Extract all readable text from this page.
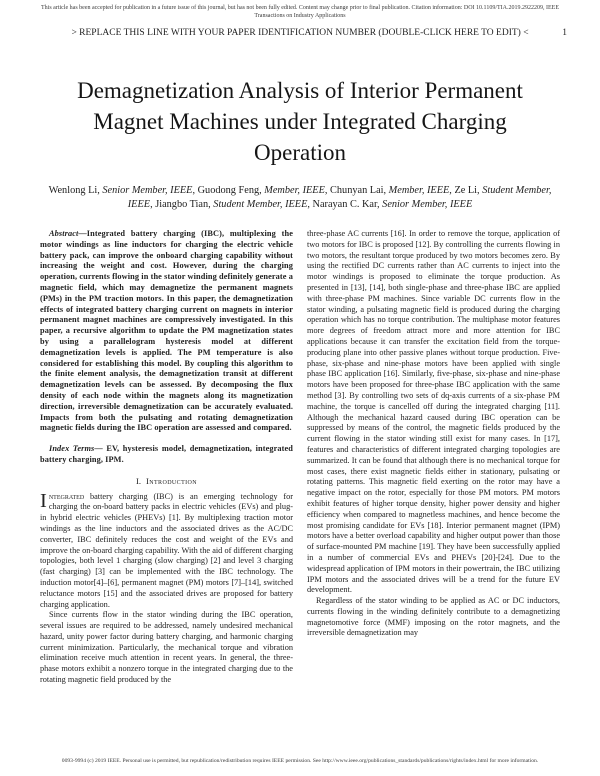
This article has been accepted for publication in a future issue of this journal, but has not been fully edited. Content may change prior to final publication. Citation information: DOI 10.1109/TIA.2019.2922209, IEEE
Transactions on Industry Applications
> REPLACE THIS LINE WITH YOUR PAPER IDENTIFICATION NUMBER (DOUBLE-CLICK HERE TO EDIT) <	1
Demagnetization Analysis of Interior Permanent Magnet Machines under Integrated Charging Operation
Wenlong Li, Senior Member, IEEE, Guodong Feng, Member, IEEE, Chunyan Lai, Member, IEEE, Ze Li, Student Member, IEEE, Jiangbo Tian, Student Member, IEEE, Narayan C. Kar, Senior Member, IEEE

Abstract—Integrated battery charging (IBC), multiplexing the motor windings as line inductors for charging the electric vehicle battery pack, can improve the onboard charging capability without increasing the weight and cost. However, during the charging operation, currents flowing in the stator winding definitely generate a magnetic field, which may demagnetize the permanent magnets (PMs) in the PM traction motors. In this paper, the demagnetization effects of integrated battery charging current on magnets in interior permanent magnet machines are compressively investigated. In this paper, a recursive algorithm to update the PM magnetization states by using a parallelogram hysteresis model at different demagnetization levels is applied. The PM temperature is also considered for establishing this model. By coupling this algorithm to the finite element analysis, the demagnetization transit at different demagnetization levels can be assessed. By decomposing the flux density of each node within the magnets along its magnetization direction, irreversible demagnetization can be accurately evaluated. Impacts from both the pulsating and rotating demagnetization magnetic fields during the IBC operation are assessed and compared.

Index Terms— EV, hysteresis model, demagnetization, integrated battery charging, IPM.

I. Introduction

Integrated battery charging (IBC) is an emerging technology for charging the on-board battery packs in electric vehicles (EVs) and plug-in hybrid electric vehicles (PHEVs) [1]. By multiplexing traction motor windings as the line inductors and the associated drives as the AC/DC converter, IBC definitely reduces the cost and weight of the EVs and improve the on-board charging capability. With the aid of different charging topologies, both level 1 charging (slow charging) [2] and level 3 charging (fast charging) [3] can be implemented with the IBC technology. The induction motor[4]–[6], permanent magnet (PM) motors [7]–[14], switched reluctance motors [15] and the associated drives are proposed for battery charging application.

Since currents flow in the stator winding during the IBC operation, several issues are required to be addressed, namely undesired mechanical hazard, unity power factor during battery charging, and harmonic charging current minimization. Particularly, the mechanical torque and vibration elimination receive much attention in recent years. In general, the three-phase motors exhibit a nonzero torque in the integrated charging due to the rotating magnetic field produced by the

three-phase AC currents [16]. In order to remove the torque, application of two motors for IBC is proposed [12]. By controlling the currents flowing in two motors, the resultant torque produced by two motors becomes zero. By using the rectified DC currents rather than AC currents to inject into the motor windings is proposed to eliminate the torque production. As presented in [13], [14], both single-phase and three-phase IBC are applied with three-phase PM machines. Since variable DC currents flow in the stator winding, a pulsating magnetic field is produced during the charging operation which has no torque contribution. The multiphase motor features more degrees of freedom attract more and more attention for IBC applications because it can transfer the excitation field from the torque-producing plane into other passive planes without torque production. Five-phase, six-phase and nine-phase motors have been applied with single phase IBC application [16]. Similarly, five-phase, six-phase and nine-phase motors have been proposed for three-phase IBC application with the same method [3]. By controlling two sets of dq-axis currents of a six-phase PM machine, the torque is cancelled off during the integrated charging [11]. Although the mechanical hazard caused during IBC operation can be suppressed by means of the control, the magnetic fields produced by the current flowing in the stator winding still exist for many cases. In [17], features and characteristics of different integrated charging topologies are summarized. It can be found that although there is no mechanical torque for most cases, there exist magnetic fields either in stationary, pulsating or rotating patterns. This magnetic field exerting on the rotor may have a negative impact on the rotor, especially for those PM motors. PM motors exhibit features of higher torque density, higher power density and higher efficiency when compared to magnetless machines, and hence become the most promising candidate for EVs [18]. Interior permanent magnet (IPM) motors have a better overload capability and higher output power than those of surface-mounted PM machine [19]. They have been successfully applied in a number of commercial EVs and PHEVs [20]-[24]. Due to the widespread application of IPM motors in their powertrain, the IBC utilizing IPM motors and the associated drives will be a trend for the future EV development.

Regardless of the stator winding to be applied as AC or DC inductors, currents flowing in the winding definitely contribute to a demagnetizing magnetomotive force (MMF) imposing on the rotor magnets, and the irreversible demagnetization may

0093-9994 (c) 2019 IEEE. Personal use is permitted, but republication/redistribution requires IEEE permission. See http://www.ieee.org/publications_standards/publications/rights/index.html for more information.
